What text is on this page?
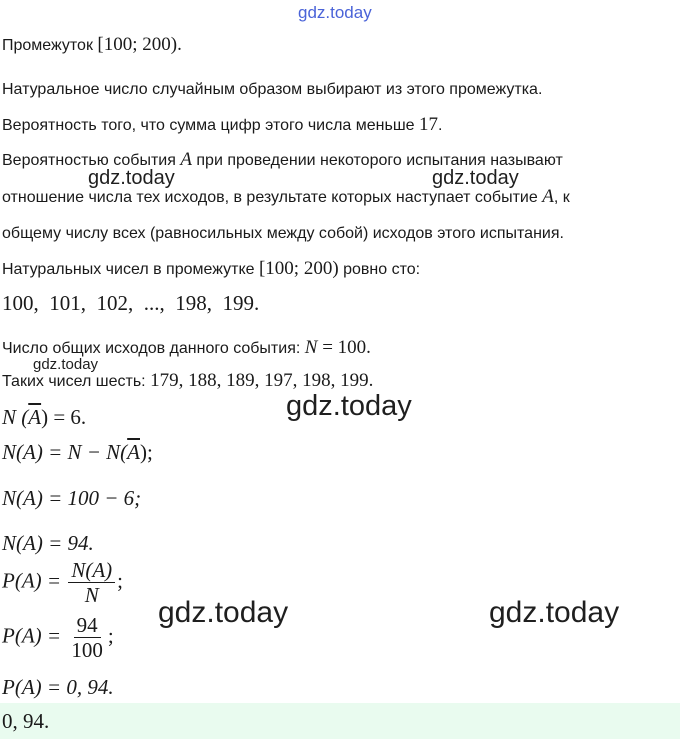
gdz.today
gdz.today	gdz.today
gdz.today
gdz.today
gdz.today	gdz.today
Промежуток [100; 200).
Натуральное число случайным образом выбирают из этого промежутка.
Вероятность того, что сумма цифр этого числа меньше 17.
Вероятностью события A при проведении некоторого испытания называют
отношение числа тех исходов, в результате которых наступает событие A, к
общему числу всех (равносильных между собой) исходов этого испытания.
Натуральных чисел в промежутке [100; 200) ровно сто:
100,  101,  102,  ...,  198,  199.
Число общих исходов данного события: N = 100.
Таких чисел шесть: 179, 188, 189, 197, 198, 199.
N $(\overline{A}) = 6$.
$N(A) = N - N(\overline{A})$;
N(A) = 100 − 6;
N(A) = 94.
$P(A) = \frac{N(A)}{N}$ ;
$P(A) = \frac{94}{100}$ ;
P(A) = 0, 94.
0, 94.
